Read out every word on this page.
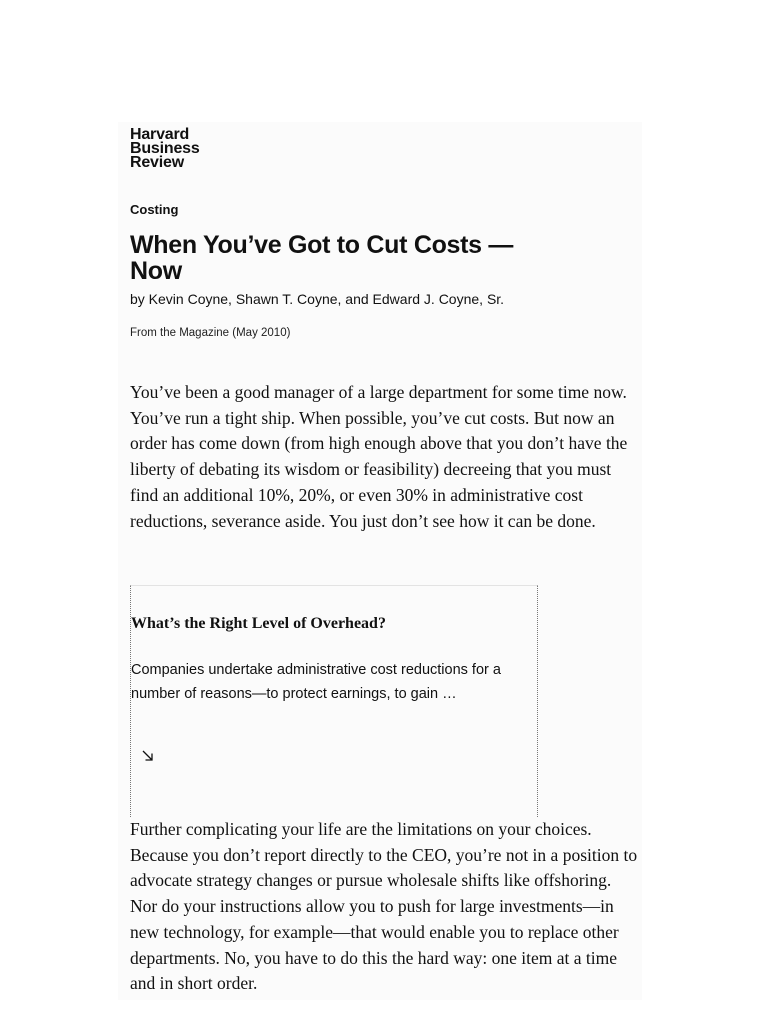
Harvard
Business
Review
Costing
When You’ve Got to Cut Costs —Now
by Kevin Coyne, Shawn T. Coyne, and Edward J. Coyne, Sr.
From the Magazine (May 2010)

You’ve been a good manager of a large department for some time now. You’ve run a tight ship. When possible, you’ve cut costs. But now an order has come down (from high enough above that you don’t have the liberty of debating its wisdom or feasibility) decreeing that you must find an additional 10%, 20%, or even 30% in administrative cost reductions, severance aside. You just don’t see how it can be done.

What’s the Right Level of Overhead?

Companies undertake administrative cost reductions for a number of reasons—to protect earnings, to gain …

Further complicating your life are the limitations on your choices. Because you don’t report directly to the CEO, you’re not in a position to advocate strategy changes or pursue wholesale shifts like offshoring. Nor do your instructions allow you to push for large investments—in new technology, for example—that would enable you to replace other departments. No, you have to do this the hard way: one item at a time and in short order.
